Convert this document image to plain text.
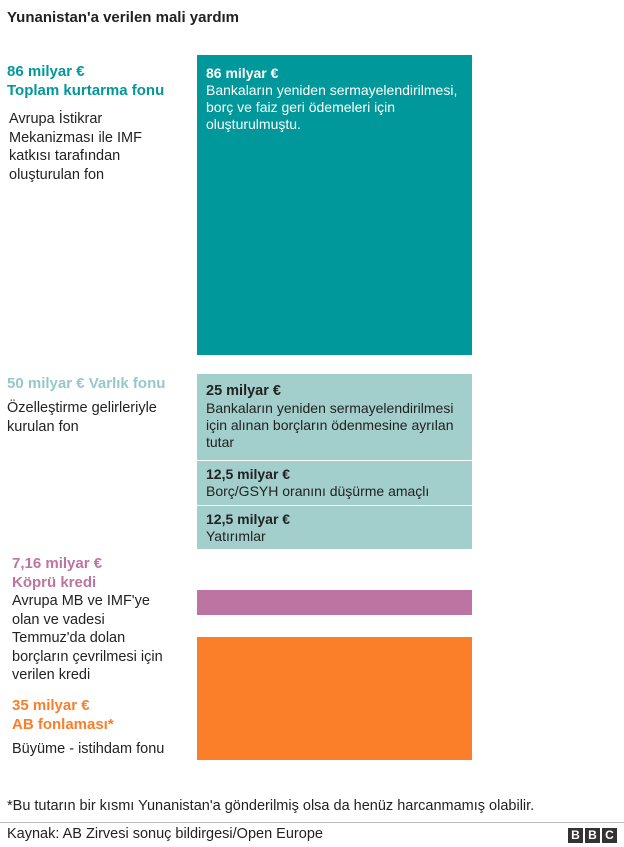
Yunanistan'a verilen mali yardım
86 milyar €
Toplam kurtarma fonu
Avrupa İstikrar Mekanizması ile IMF katkısı tarafından oluşturulan fon
50 milyar € Varlık fonu
Özelleştirme gelirleriyle kurulan fon
7,16 milyar €
Köprü kredi
Avrupa MB ve IMF'ye olan ve vadesi Temmuz'da dolan borçların çevrilmesi için verilen kredi
35 milyar €
AB fonlaması*
Büyüme - istihdam fonu
86 milyar €
Bankaların yeniden sermayelendirilmesi, borç ve faiz geri ödemeleri için oluşturulmuştu.
25 milyar €
Bankaların yeniden sermayelendirilmesi için alınan borçların ödenmesine ayrılan tutar
12,5 milyar €
Borç/GSYH oranını düşürme amaçlı
12,5 milyar €
Yatırımlar
*Bu tutarın bir kısmı Yunanistan'a gönderilmiş olsa da henüz harcanmamış olabilir.
Kaynak: AB Zirvesi sonuç bildirgesi/Open Europe	B B C
